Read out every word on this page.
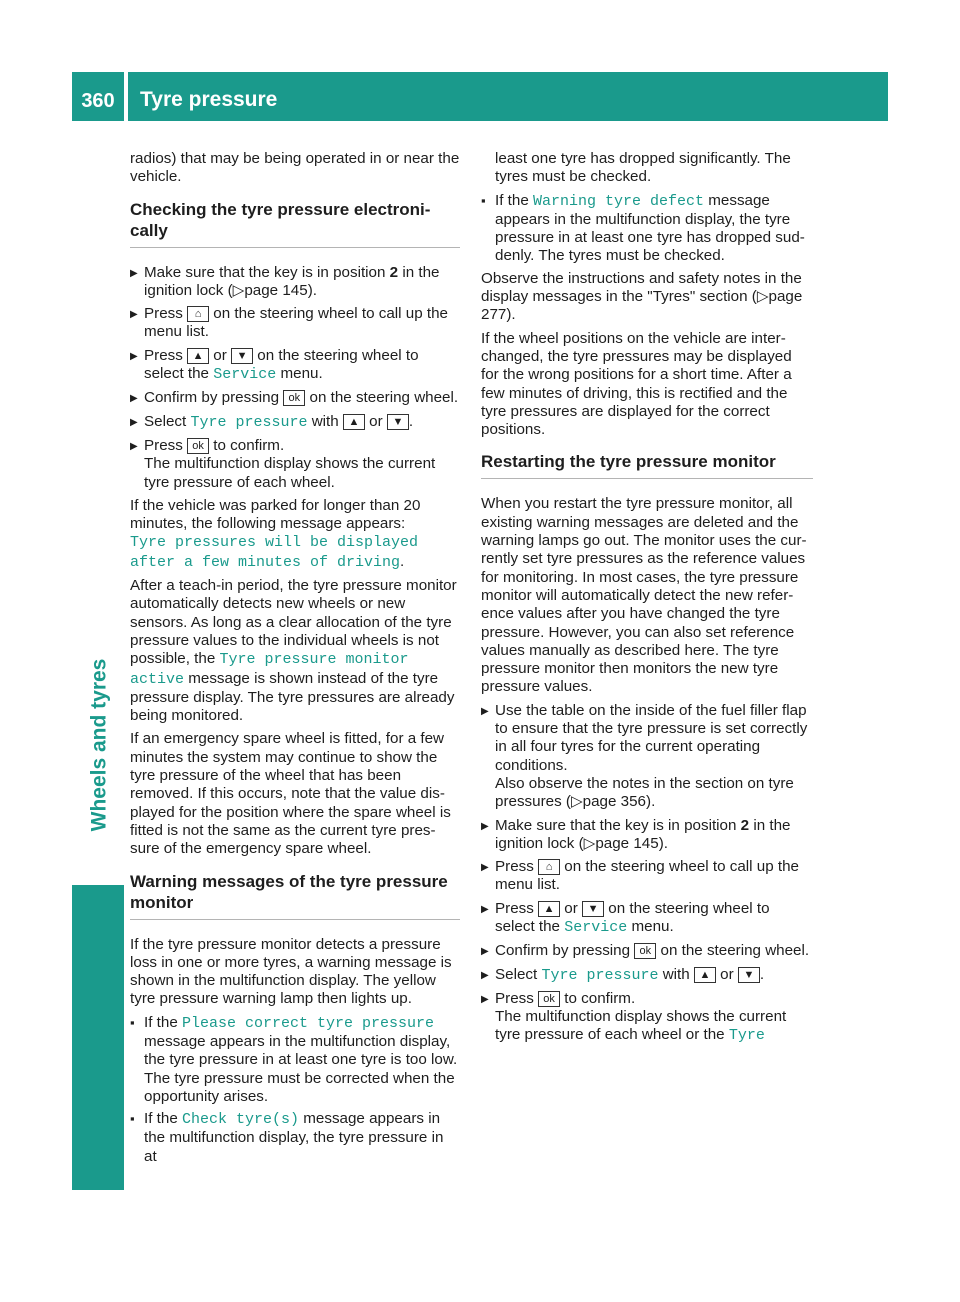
360	Tyre pressure
Wheels and tyres

radios) that may be being operated in or near the vehicle.

Checking the tyre pressure electronically
▶ Make sure that the key is in position 2 in the ignition lock (▷page 145).
▶ Press ⌂ on the steering wheel to call up the menu list.
▶ Press ▲ or ▼ on the steering wheel to select the Service menu.
▶ Confirm by pressing ok on the steering wheel.
▶ Select Tyre pressure with ▲ or ▼ .
▶ Press ok to confirm.
The multifunction display shows the current tyre pressure of each wheel.

If the vehicle was parked for longer than 20 minutes, the following message appears:
Tyre pressures will be displayed after a few minutes of driving.

After a teach-in period, the tyre pressure monitor automatically detects new wheels or new sensors. As long as a clear allocation of the tyre pressure values to the individual wheels is not possible, the Tyre pressure monitor active message is shown instead of the tyre pressure display. The tyre pressures are already being monitored.

If an emergency spare wheel is fitted, for a few minutes the system may continue to show the tyre pressure of the wheel that has been removed. If this occurs, note that the value displayed for the position where the spare wheel is fitted is not the same as the current tyre pressure of the emergency spare wheel.

Warning messages of the tyre pressure monitor

If the tyre pressure monitor detects a pressure loss in one or more tyres, a warning message is shown in the multifunction display. The yellow tyre pressure warning lamp then lights up.

▪ If the Please correct tyre pressure message appears in the multifunction display, the tyre pressure in at least one tyre is too low. The tyre pressure must be corrected when the opportunity arises.
▪ If the Check tyre(s) message appears in the multifunction display, the tyre pressure in at

least one tyre has dropped significantly. The tyres must be checked.

▪ If the Warning tyre defect message appears in the multifunction display, the tyre pressure in at least one tyre has dropped suddenly. The tyres must be checked.

Observe the instructions and safety notes in the display messages in the "Tyres" section (▷page 277).

If the wheel positions on the vehicle are interchanged, the tyre pressures may be displayed for the wrong positions for a short time. After a few minutes of driving, this is rectified and the tyre pressures are displayed for the correct positions.

Restarting the tyre pressure monitor

When you restart the tyre pressure monitor, all existing warning messages are deleted and the warning lamps go out. The monitor uses the currently set tyre pressures as the reference values for monitoring. In most cases, the tyre pressure monitor will automatically detect the new reference values after you have changed the tyre pressure. However, you can also set reference values manually as described here. The tyre pressure monitor then monitors the new tyre pressure values.

▶ Use the table on the inside of the fuel filler flap to ensure that the tyre pressure is set correctly in all four tyres for the current operating conditions.
Also observe the notes in the section on tyre pressures (▷page 356).
▶ Make sure that the key is in position 2 in the ignition lock (▷page 145).
▶ Press ⌂ on the steering wheel to call up the menu list.
▶ Press ▲ or ▼ on the steering wheel to select the Service menu.
▶ Confirm by pressing ok on the steering wheel.
▶ Select Tyre pressure with ▲ or ▼ .
▶ Press ok to confirm.
The multifunction display shows the current tyre pressure of each wheel or the Tyre
